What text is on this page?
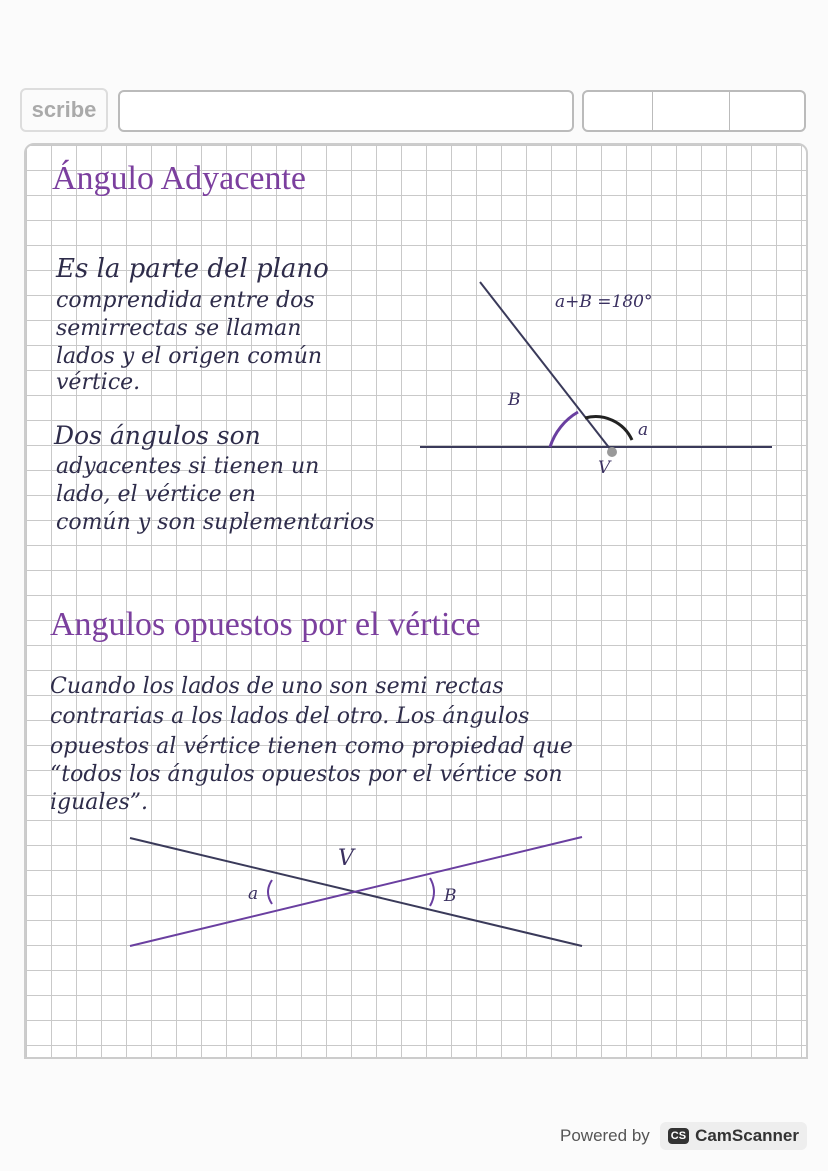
scribe
Ángulo Adyacente
Es la parte del plano
comprendida entre dos
semirrectas se llaman
lados y el origen común
vértice.
Dos ángulos son
adyacentes si tienen un
lado, el vértice en
común y son suplementarios
a+B =180°
B
a
V
Angulos opuestos por el vértice
Cuando los lados de uno son semi rectas
contrarias a los lados del otro. Los ángulos
opuestos al vértice tienen como propiedad que
“todos los ángulos opuestos por el vértice son
iguales”.
V
a	B
Powered by CS CamScanner
